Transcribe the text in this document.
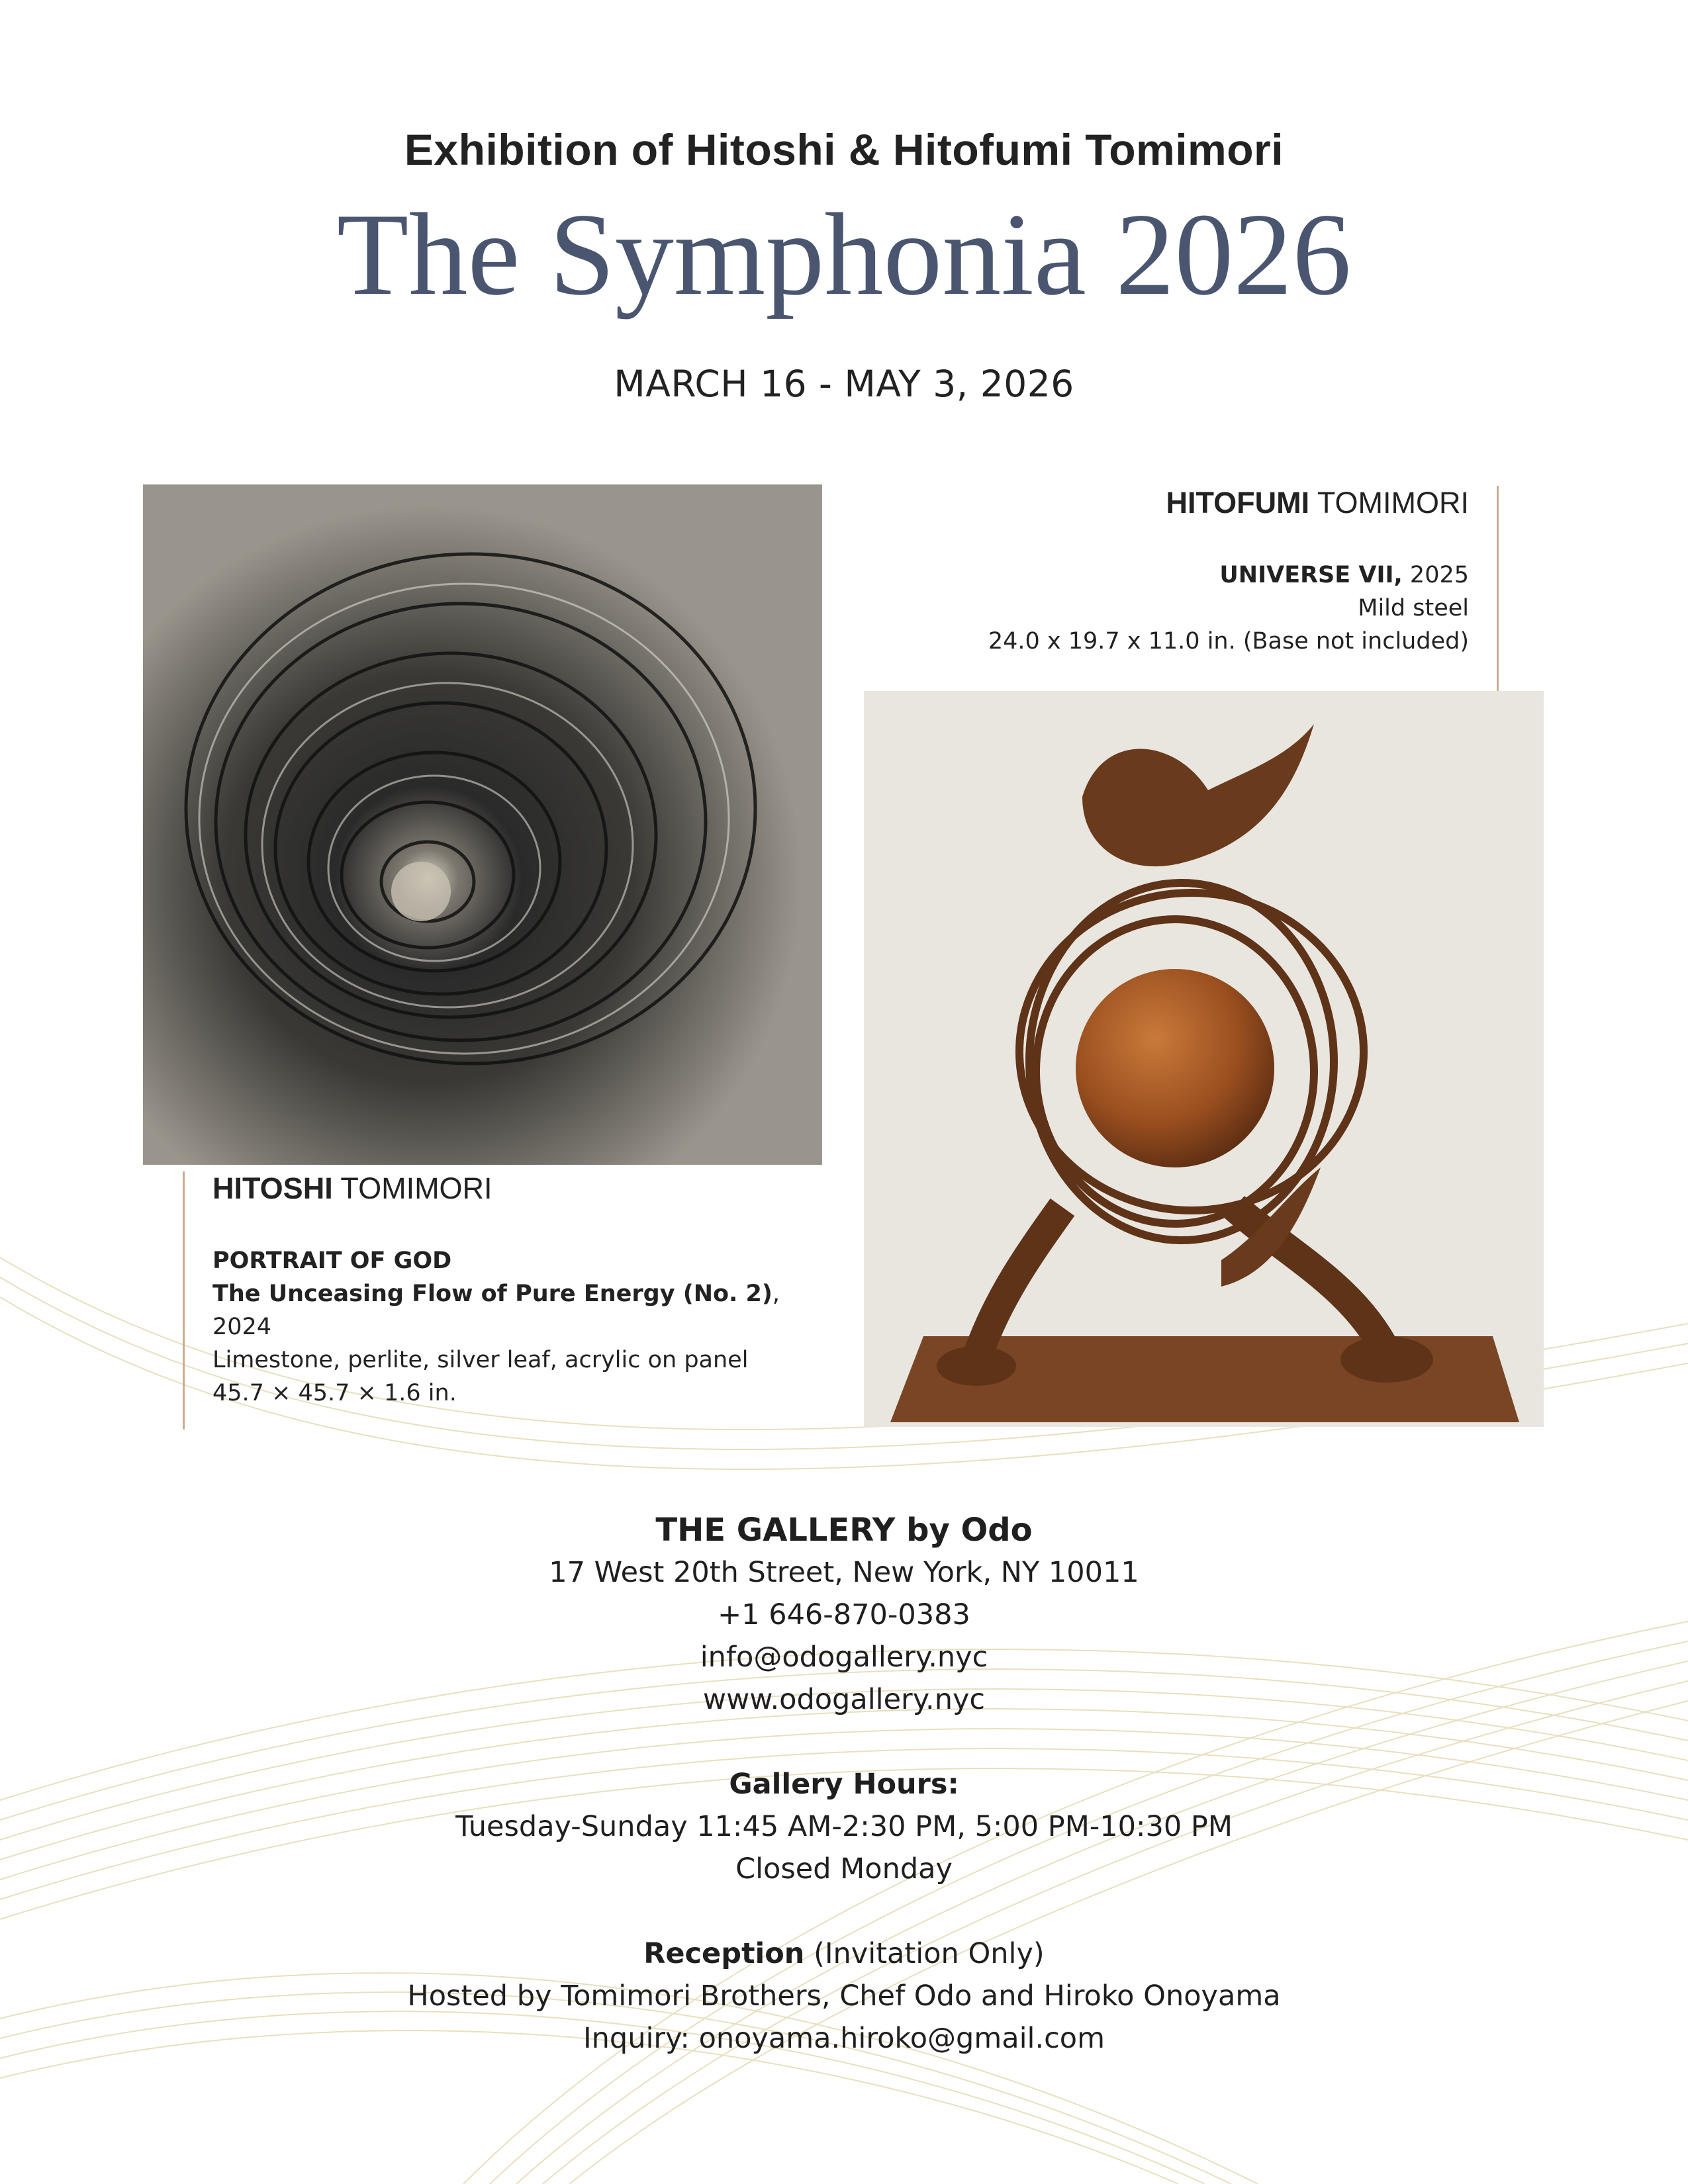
Exhibition of Hitoshi & Hitofumi Tomimori
The Symphonia 2026
MARCH 16 - MAY 3, 2026
HITOSHI TOMIMORI
PORTRAIT OF GOD
The Unceasing Flow of Pure Energy (No. 2), 2024
Limestone, perlite, silver leaf, acrylic on panel
45.7 × 45.7 × 1.6 in.
HITOFUMI TOMIMORI
UNIVERSE VII, 2025
Mild steel
24.0 x 19.7 x 11.0 in. (Base not included)
THE GALLERY by Odo
17 West 20th Street, New York, NY 10011
+1 646-870-0383
info@odogallery.nyc
www.odogallery.nyc
Gallery Hours:
Tuesday-Sunday 11:45 AM-2:30 PM, 5:00 PM-10:30 PM
Closed Monday
Reception (Invitation Only)
Hosted by Tomimori Brothers, Chef Odo and Hiroko Onoyama
Inquiry: onoyama.hiroko@gmail.com
